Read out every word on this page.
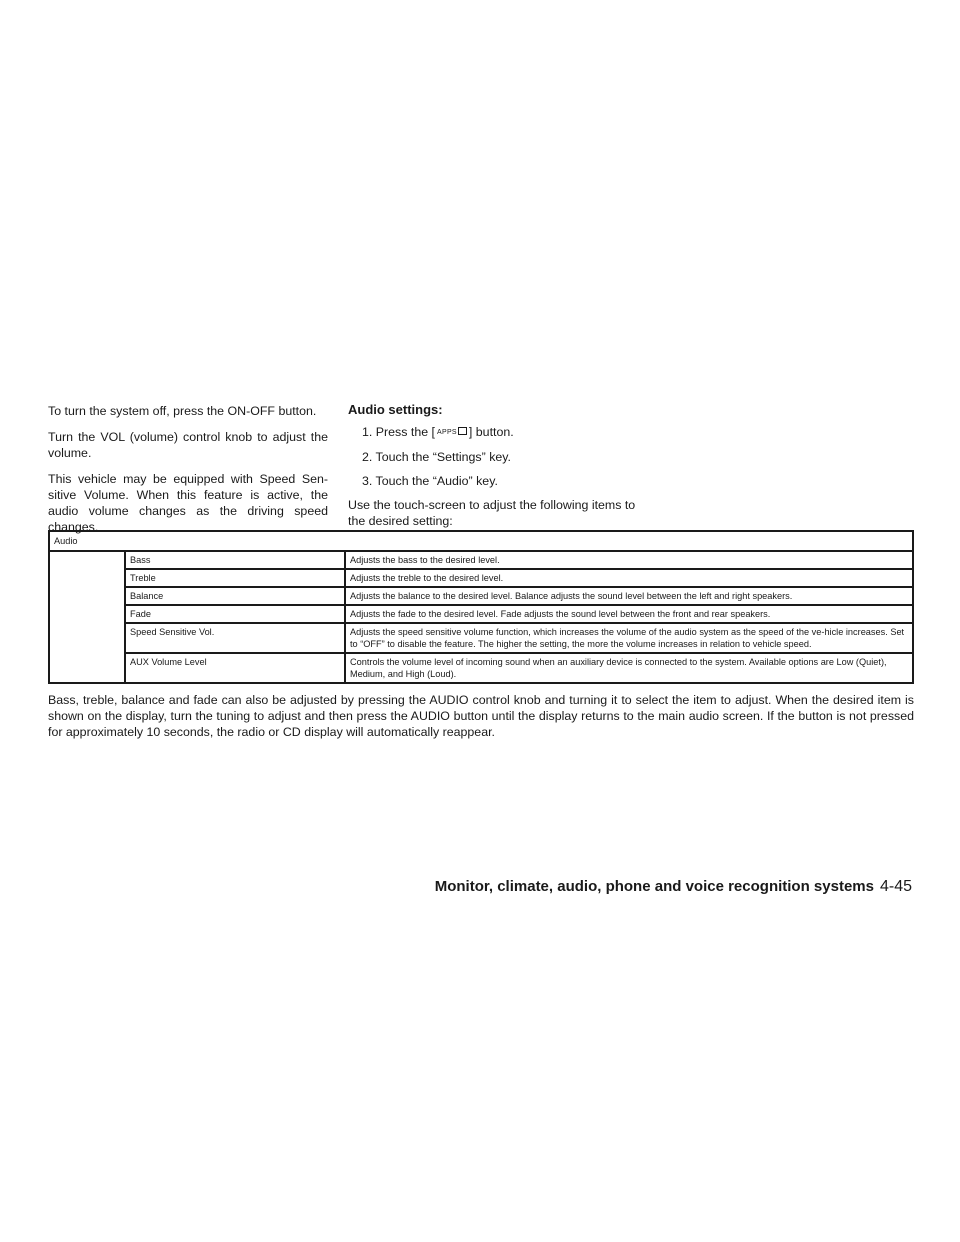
To turn the system off, press the ON-OFF button.

Turn the VOL (volume) control knob to adjust the volume.

This vehicle may be equipped with Speed Sen-sitive Volume. When this feature is active, the audio volume changes as the driving speed changes.

Audio settings:

1. Press the [ APPS ] button.
2. Touch the “Settings” key.
3. Touch the “Audio” key.

Use the touch-screen to adjust the following items to the desired setting:

Audio		
	Bass	Adjusts the bass to the desired level.
	Treble	Adjusts the treble to the desired level.
	Balance	Adjusts the balance to the desired level. Balance adjusts the sound level between the left and right speakers.
	Fade	Adjusts the fade to the desired level. Fade adjusts the sound level between the front and rear speakers.
	Speed Sensitive Vol.	Adjusts the speed sensitive volume function, which increases the volume of the audio system as the speed of the ve-hicle increases. Set to “OFF” to disable the feature. The higher the setting, the more the volume increases in relation to vehicle speed.
	AUX Volume Level	Controls the volume level of incoming sound when an auxiliary device is connected to the system. Available options are Low (Quiet), Medium, and High (Loud).

Bass, treble, balance and fade can also be adjusted by pressing the AUDIO control knob and turning it to select the item to adjust. When the desired item is shown on the display, turn the tuning to adjust and then press the AUDIO button until the display returns to the main audio screen. If the button is not pressed for approximately 10 seconds, the radio or CD display will automatically reappear.

Monitor, climate, audio, phone and voice recognition systems 4-45
